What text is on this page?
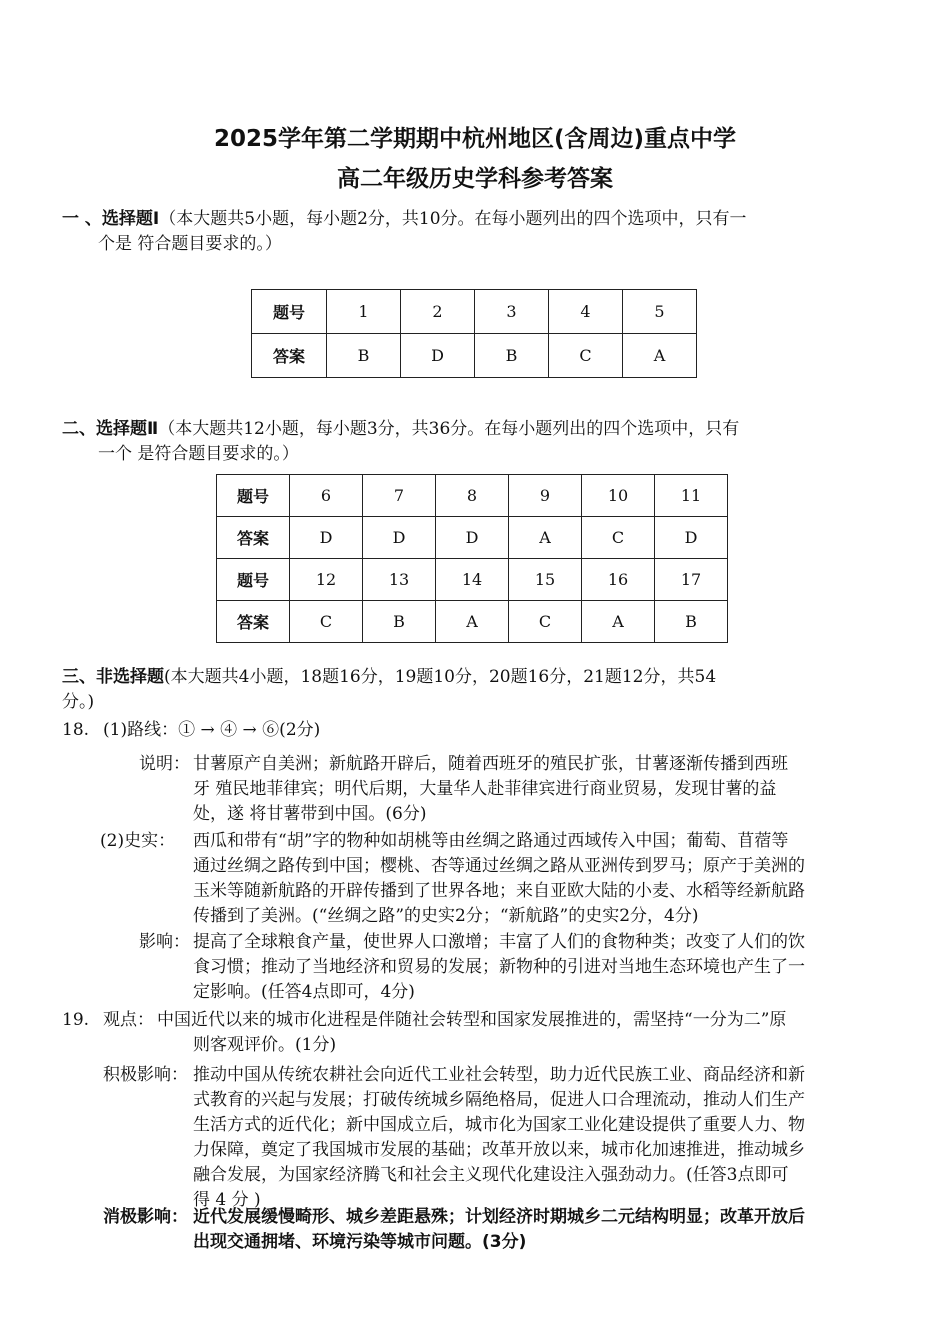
2025学年第二学期期中杭州地区(含周边)重点中学
高二年级历史学科参考答案
一 、选择题Ⅰ（本大题共5小题，每小题2分，共10分。在每小题列出的四个选项中，只有一
个是 符合题目要求的。）
题号	1	2	3	4	5
答案	B	D	B	C	A
二、选择题Ⅱ（本大题共12小题，每小题3分，共36分。在每小题列出的四个选项中，只有
一个 是符合题目要求的。）
题号	6	7	8	9	10	11
答案	D	D	D	A	C	D
题号	12	13	14	15	16	17
答案	C	B	A	C	A	B
三、非选择题(本大题共4小题，18题16分，19题10分，20题16分，21题12分，共54
分。)
18. (1)路线：① → ④ → ⑥(2分)
说明： 甘薯原产自美洲；新航路开辟后，随着西班牙的殖民扩张，甘薯逐渐传播到西班
牙 殖民地菲律宾；明代后期，大量华人赴菲律宾进行商业贸易，发现甘薯的益
处，遂 将甘薯带到中国。(6分)
(2)史实： 西瓜和带有“胡”字的物种如胡桃等由丝绸之路通过西域传入中国；葡萄、苜蓿等
通过丝绸之路传到中国；樱桃、杏等通过丝绸之路从亚洲传到罗马；原产于美洲的
玉米等随新航路的开辟传播到了世界各地；来自亚欧大陆的小麦、水稻等经新航路
传播到了美洲。(“丝绸之路”的史实2分；“新航路”的史实2分，4分)
影响： 提高了全球粮食产量，使世界人口激增；丰富了人们的食物种类；改变了人们的饮
食习惯；推动了当地经济和贸易的发展；新物种的引进对当地生态环境也产生了一
定影响。(任答4点即可，4分)
19. 观点： 中国近代以来的城市化进程是伴随社会转型和国家发展推进的，需坚持“一分为二”原
则客观评价。(1分)
积极影响： 推动中国从传统农耕社会向近代工业社会转型，助力近代民族工业、商品经济和新
式教育的兴起与发展；打破传统城乡隔绝格局，促进人口合理流动，推动人们生产
生活方式的近代化；新中国成立后，城市化为国家工业化建设提供了重要人力、物
力保障，奠定了我国城市发展的基础；改革开放以来，城市化加速推进，推动城乡
融合发展，为国家经济腾飞和社会主义现代化建设注入强劲动力。(任答3点即可
得 4 分 )
消极影响： 近代发展缓慢畸形、城乡差距悬殊；计划经济时期城乡二元结构明显；改革开放后
出现交通拥堵、环境污染等城市问题。(3分)
